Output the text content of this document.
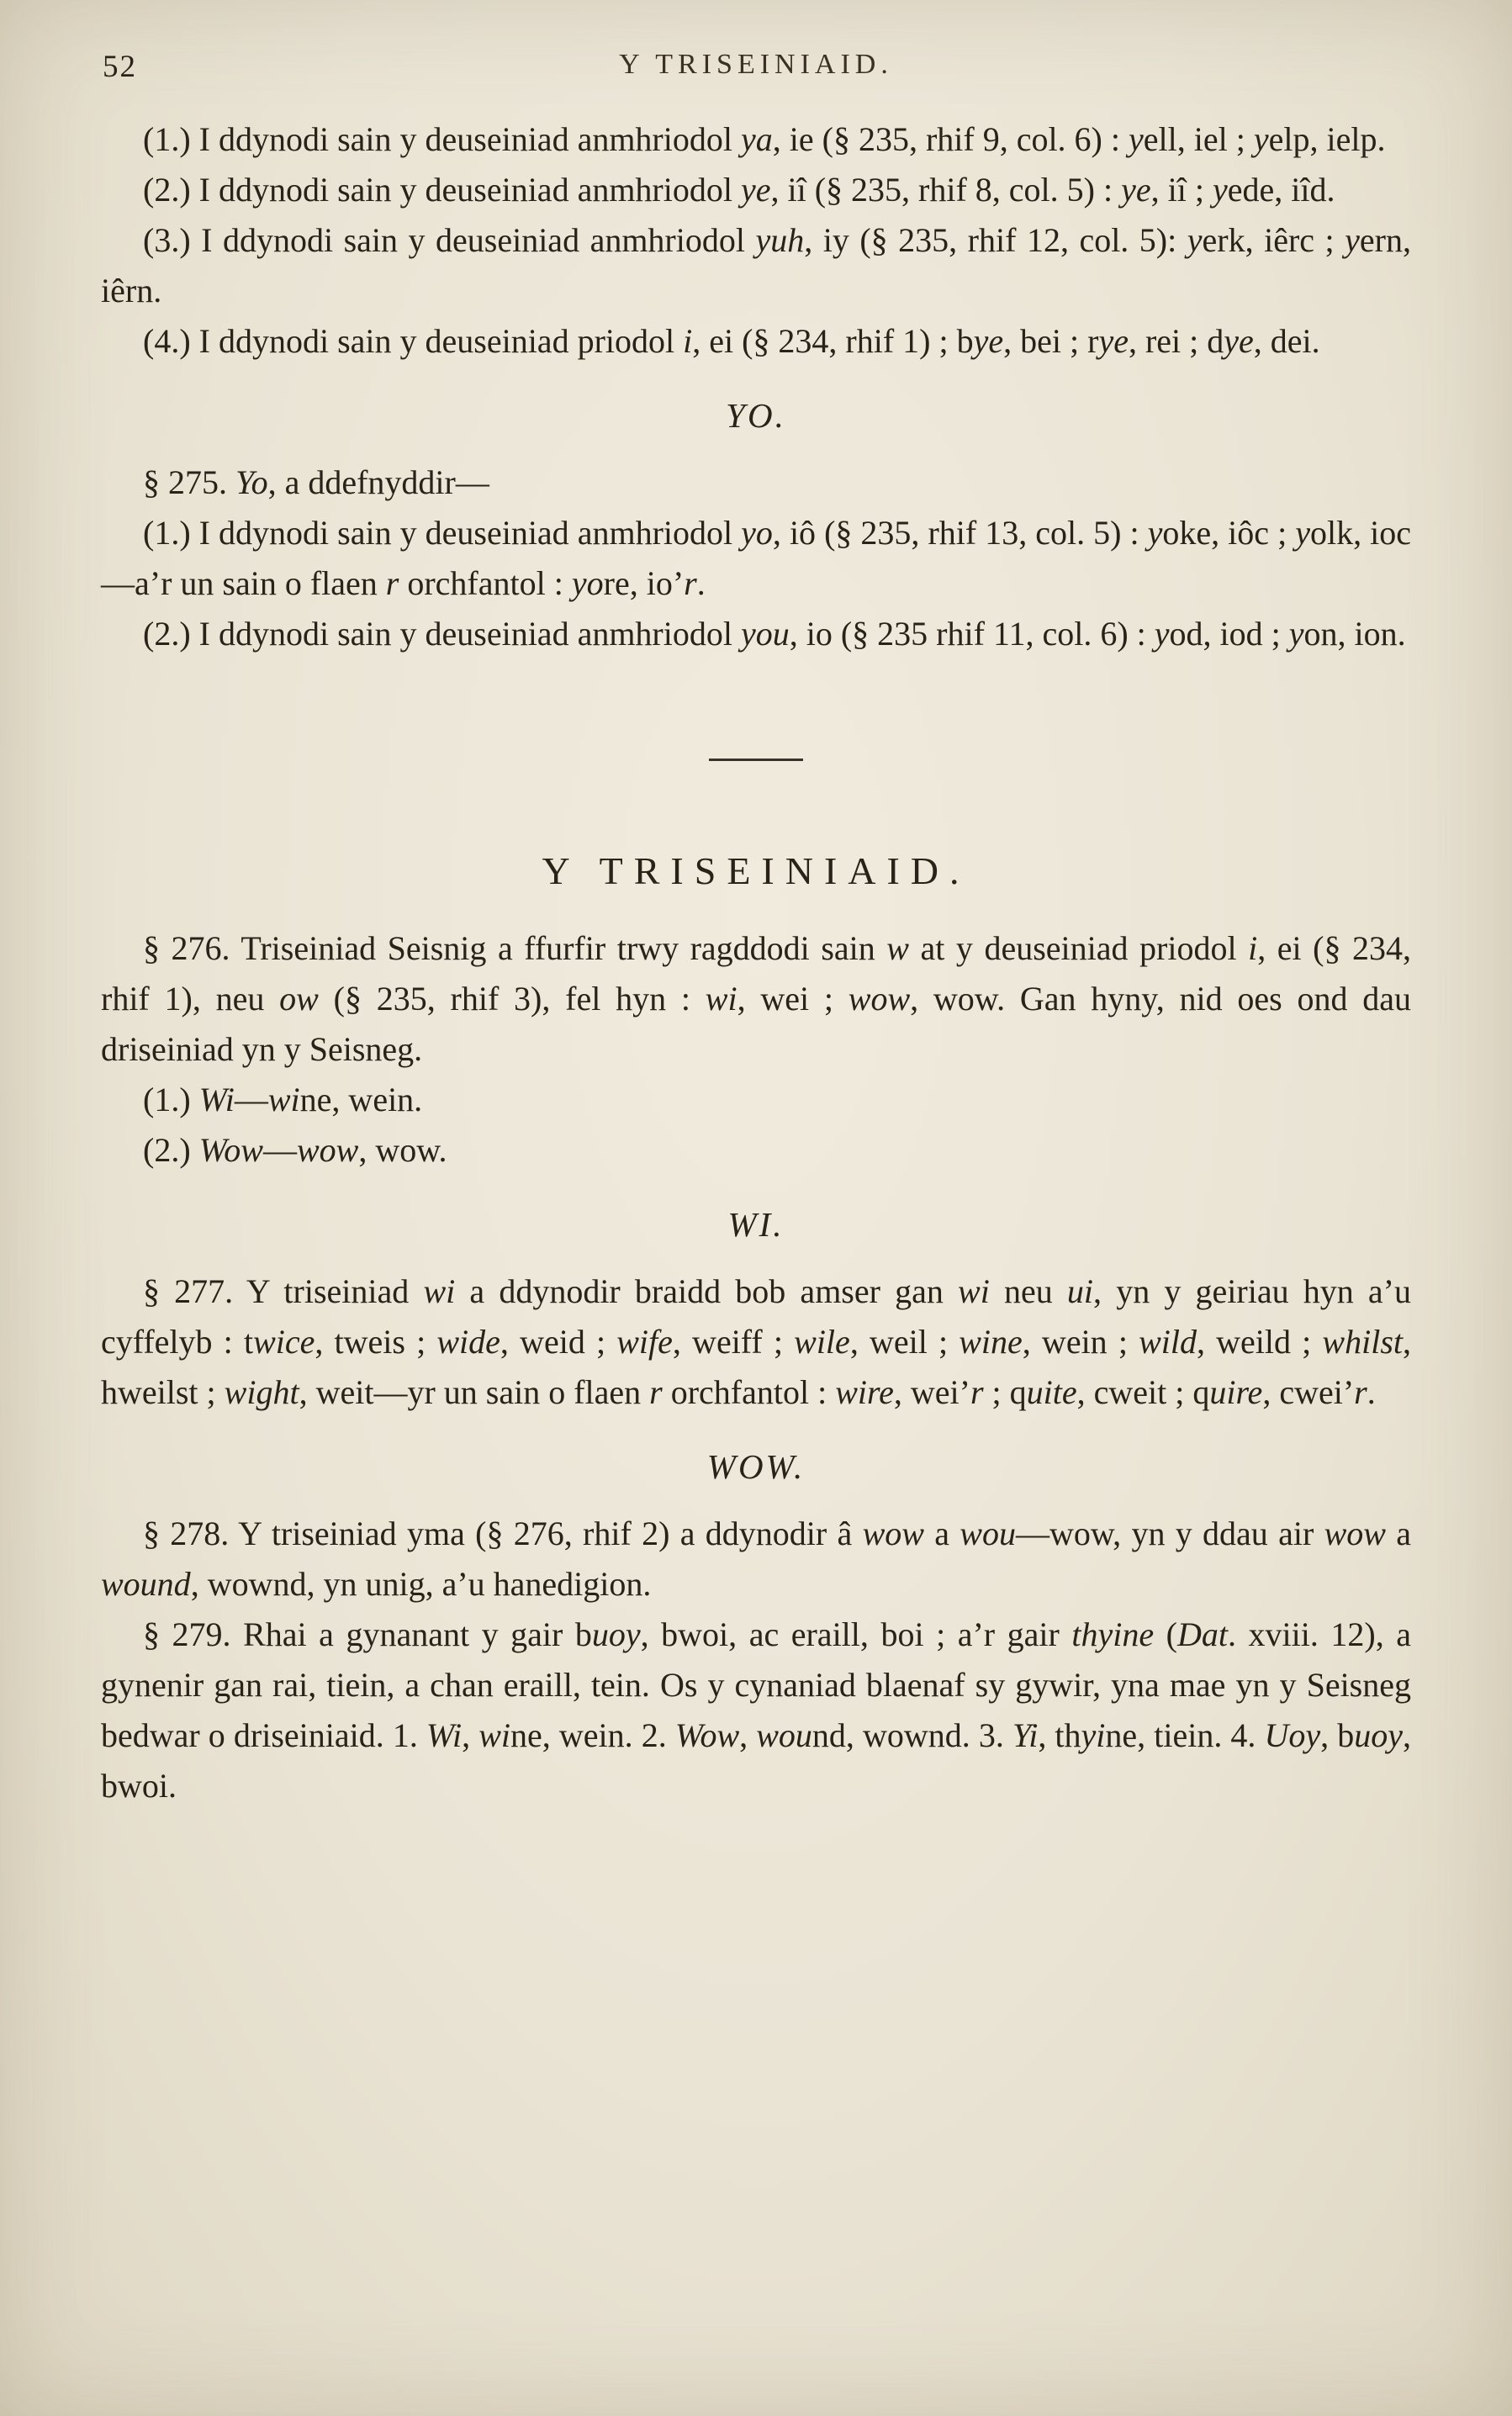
52	Y TRISEINIAID.

(1.) I ddynodi sain y deuseiniad anmhriodol ya, ie (§ 235, rhif 9, col. 6) : yell, iel ; yelp, ielp.

(2.) I ddynodi sain y deuseiniad anmhriodol ye, iî (§ 235, rhif 8, col. 5) : ye, iî ; yede, iîd.

(3.) I ddynodi sain y deuseiniad anmhriodol yuh, iy (§ 235, rhif 12, col. 5): yerk, iêrc ; yern, iêrn.

(4.) I ddynodi sain y deuseiniad priodol i, ei (§ 234, rhif 1) ; bye, bei ; rye, rei ; dye, dei.

YO.

§ 275. Yo, a ddefnyddir—

(1.) I ddynodi sain y deuseiniad anmhriodol yo, iô (§ 235, rhif 13, col. 5) : yoke, iôc ; yolk, ioc—a’r un sain o flaen r orchfantol : yore, io’r.

(2.) I ddynodi sain y deuseiniad anmhriodol you, io (§ 235 rhif 11, col. 6) : yod, iod ; yon, ion.

Y TRISEINIAID.

§ 276. Triseiniad Seisnig a ffurfir trwy ragddodi sain w at y deuseiniad priodol i, ei (§ 234, rhif 1), neu ow (§ 235, rhif 3), fel hyn : wi, wei ; wow, wow. Gan hyny, nid oes ond dau driseiniad yn y Seisneg.

(1.) Wi—wine, wein.

(2.) Wow—wow, wow.

WI.

§ 277. Y triseiniad wi a ddynodir braidd bob amser gan wi neu ui, yn y geiriau hyn a’u cyffelyb : twice, tweis ; wide, weid ; wife, weiff ; wile, weil ; wine, wein ; wild, weild ; whilst, hweilst ; wight, weit—yr un sain o flaen r orchfantol : wire, wei’r ; quite, cweit ; quire, cwei’r.

WOW.

§ 278. Y triseiniad yma (§ 276, rhif 2) a ddynodir â wow a wou—wow, yn y ddau air wow a wound, wownd, yn unig, a’u hanedigion.

§ 279. Rhai a gynanant y gair buoy, bwoi, ac eraill, boi ; a’r gair thyine (Dat. xviii. 12), a gynenir gan rai, tiein, a chan eraill, tein. Os y cynaniad blaenaf sy gywir, yna mae yn y Seisneg bedwar o driseiniaid. 1. Wi, wine, wein. 2. Wow, wound, wownd. 3. Yi, thyine, tiein. 4. Uoy, buoy, bwoi.
